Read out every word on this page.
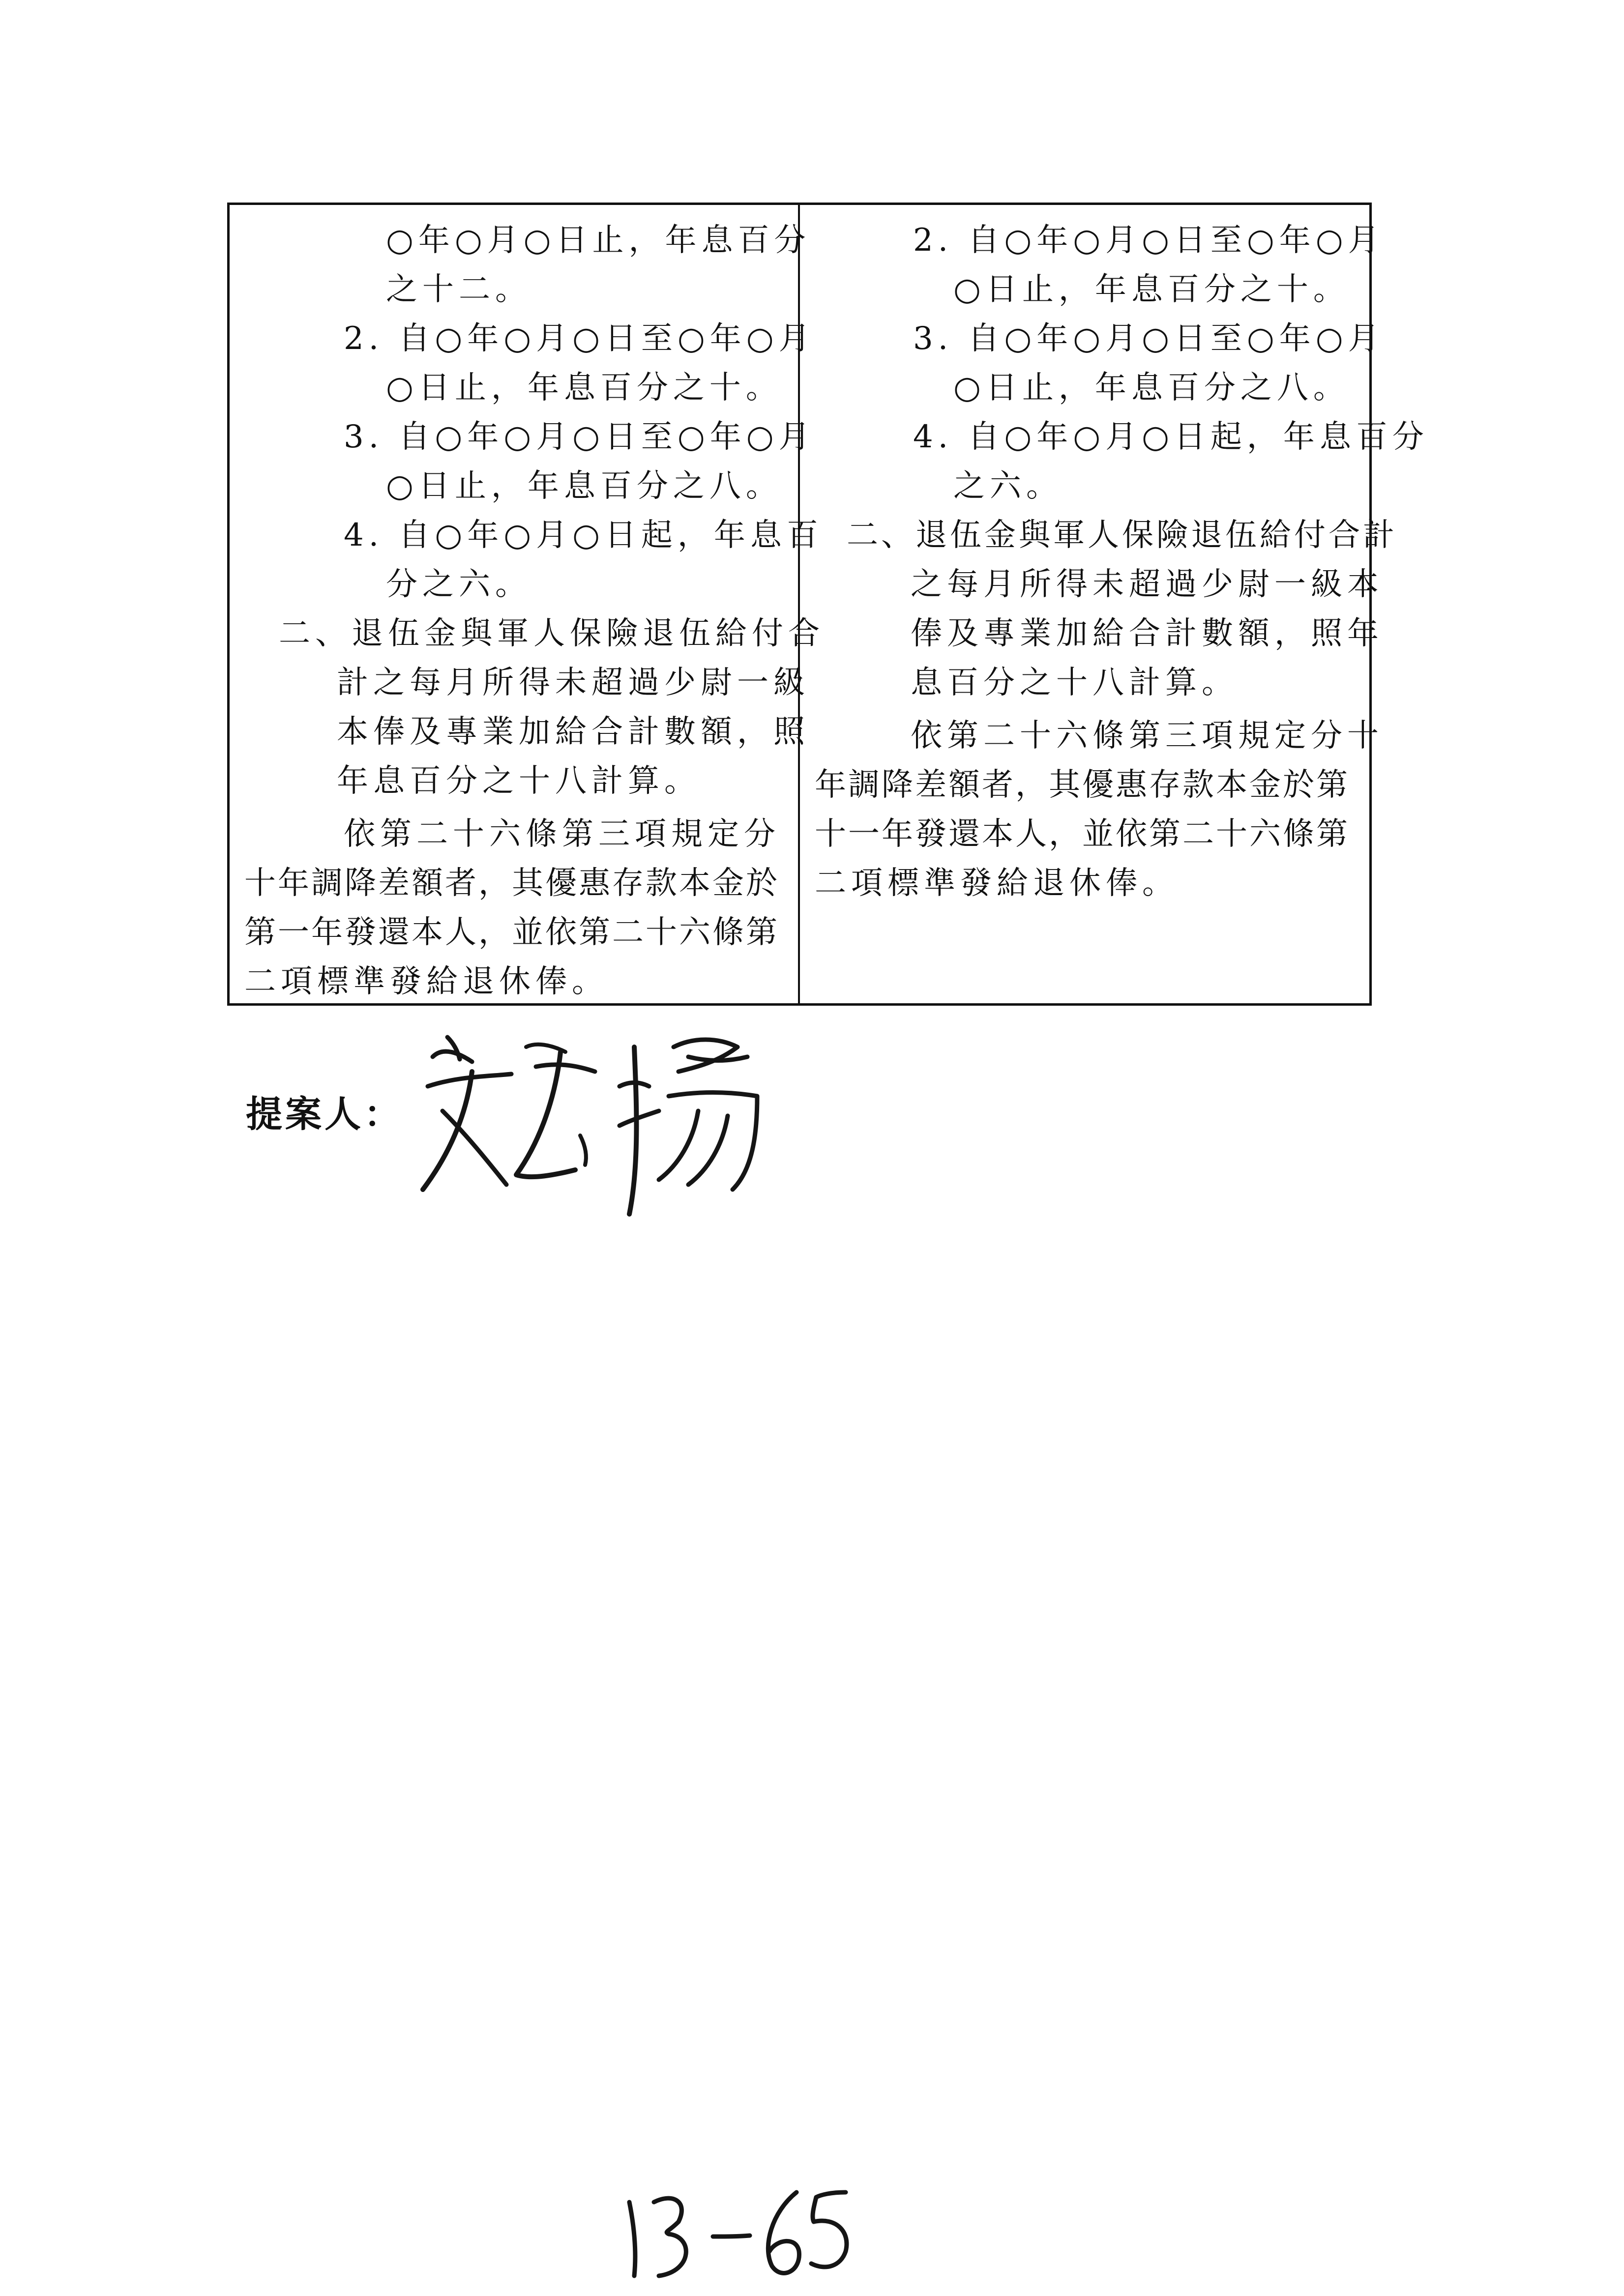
○年○月○日止，年息百分
之十二。
2. 自○年○月○日至○年○月
○日止，年息百分之十。
3. 自○年○月○日至○年○月
○日止，年息百分之八。
4. 自○年○月○日起，年息百
分之六。
二、退伍金與軍人保險退伍給付合
計之每月所得未超過少尉一級
本俸及專業加給合計數額，照
年息百分之十八計算。
依第二十六條第三項規定分
十年調降差額者，其優惠存款本金於
第一年發還本人，並依第二十六條第
二項標準發給退休俸。
2. 自○年○月○日至○年○月
○日止，年息百分之十。
3. 自○年○月○日至○年○月
○日止，年息百分之八。
4. 自○年○月○日起，年息百分
之六。
二、退伍金與軍人保險退伍給付合計
之每月所得未超過少尉一級本
俸及專業加給合計數額，照年
息百分之十八計算。
依第二十六條第三項規定分十
年調降差額者，其優惠存款本金於第
十一年發還本人，並依第二十六條第
二項標準發給退休俸。
提案人：
